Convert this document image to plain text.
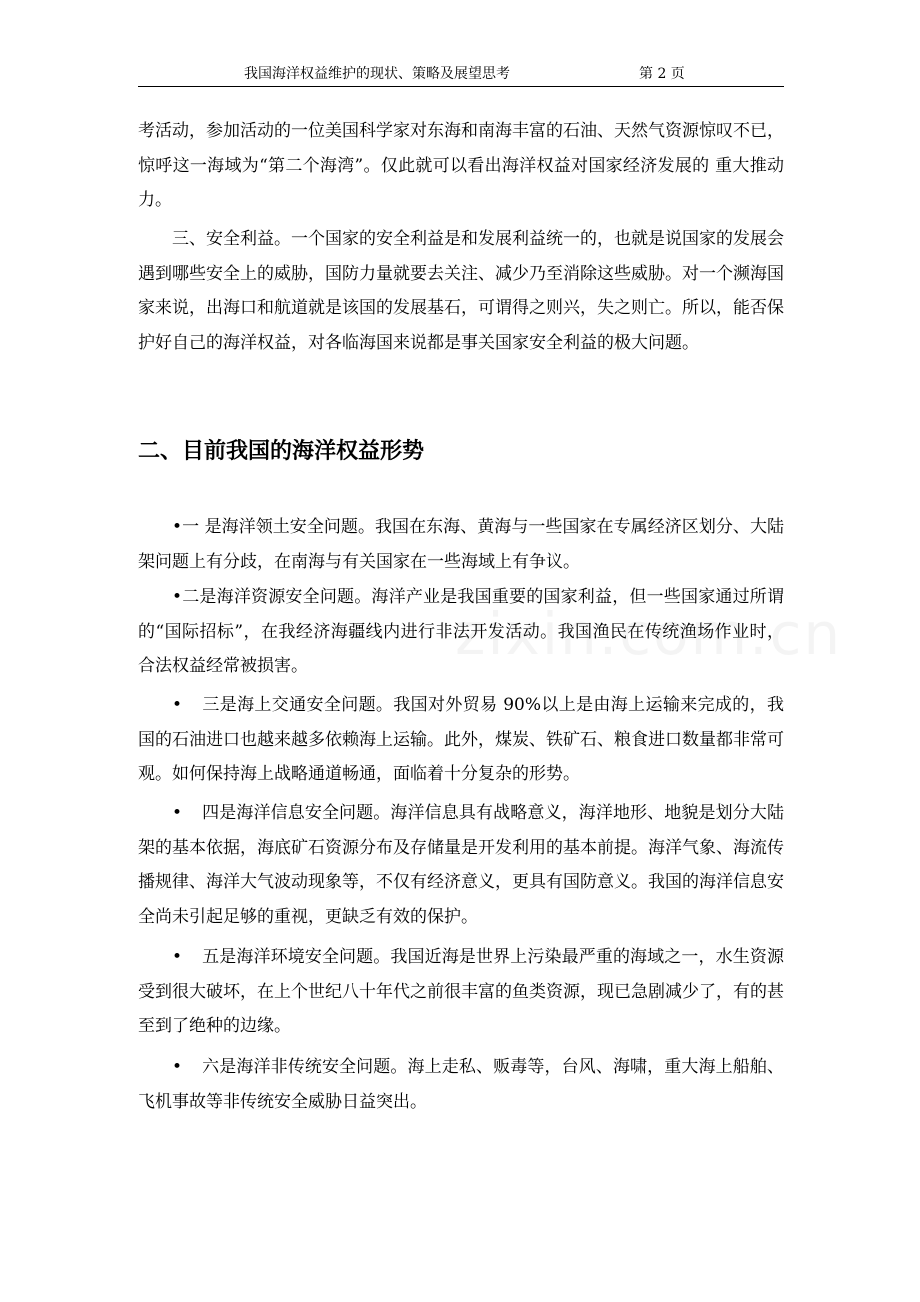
我国海洋权益维护的现状、策略及展望思考	第 2 页

考活动，参加活动的一位美国科学家对东海和南海丰富的石油、天然气资源惊叹不已，惊呼这一海域为“第二个海湾”。仅此就可以看出海洋权益对国家经济发展的 重大推动力。

三、安全利益。一个国家的安全利益是和发展利益统一的，也就是说国家的发展会遇到哪些安全上的威胁，国防力量就要去关注、减少乃至消除这些威胁。对一个濒海国家来说，出海口和航道就是该国的发展基石，可谓得之则兴，失之则亡。所以，能否保护好自己的海洋权益，对各临海国来说都是事关国家安全利益的极大问题。

二、目前我国的海洋权益形势

•一 是海洋领土安全问题。我国在东海、黄海与一些国家在专属经济区划分、大陆架问题上有分歧，在南海与有关国家在一些海域上有争议。

•二是海洋资源安全问题。海洋产业是我国重要的国家利益，但一些国家通过所谓的“国际招标”，在我经济海疆线内进行非法开发活动。我国渔民在传统渔场作业时，合法权益经常被损害。

• 三是海上交通安全问题。我国对外贸易 90%以上是由海上运输来完成的，我国的石油进口也越来越多依赖海上运输。此外，煤炭、铁矿石、粮食进口数量都非常可观。如何保持海上战略通道畅通，面临着十分复杂的形势。

• 四是海洋信息安全问题。海洋信息具有战略意义，海洋地形、地貌是划分大陆架的基本依据，海底矿石资源分布及存储量是开发利用的基本前提。海洋气象、海流传播规律、海洋大气波动现象等，不仅有经济意义，更具有国防意义。我国的海洋信息安全尚未引起足够的重视，更缺乏有效的保护。

• 五是海洋环境安全问题。我国近海是世界上污染最严重的海域之一，水生资源受到很大破坏，在上个世纪八十年代之前很丰富的鱼类资源，现已急剧减少了，有的甚至到了绝种的边缘。

• 六是海洋非传统安全问题。海上走私、贩毒等，台风、海啸，重大海上船舶、飞机事故等非传统安全威胁日益突出。
